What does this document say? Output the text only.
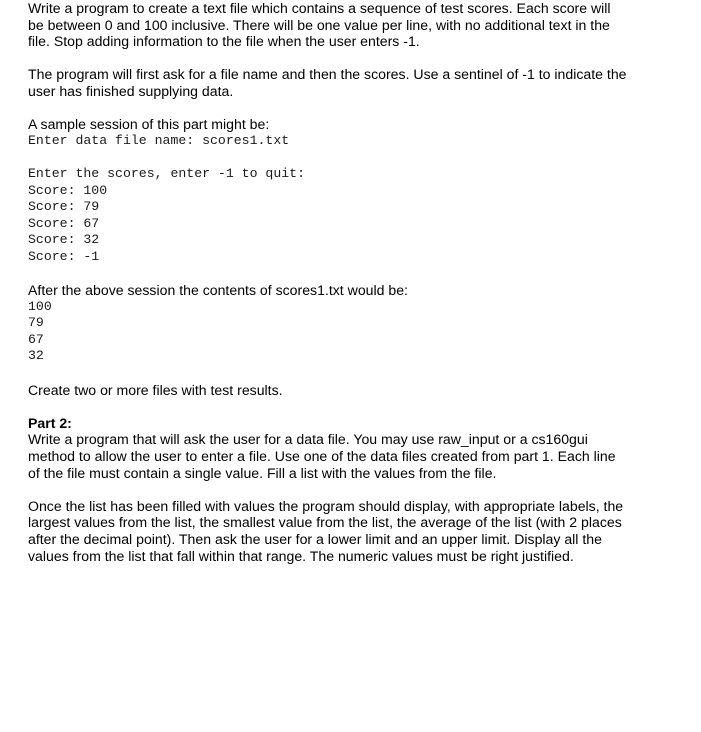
Write a program to create a text file which contains a sequence of test scores. Each score will

be between 0 and 100 inclusive. There will be one value per line, with no additional text in the

file. Stop adding information to the file when the user enters -1.

The program will first ask for a file name and then the scores. Use a sentinel of -1 to indicate the

user has finished supplying data.

A sample session of this part might be:

Enter data file name: scores1.txt

Enter the scores, enter -1 to quit:

Score: 100

Score: 79

Score: 67

Score: 32

Score: -1

After the above session the contents of scores1.txt would be:

100

79

67

32

Create two or more files with test results.

Part 2:

Write a program that will ask the user for a data file. You may use raw_input or a cs160gui

method to allow the user to enter a file. Use one of the data files created from part 1. Each line

of the file must contain a single value. Fill a list with the values from the file.

Once the list has been filled with values the program should display, with appropriate labels, the

largest values from the list, the smallest value from the list, the average of the list (with 2 places

after the decimal point). Then ask the user for a lower limit and an upper limit. Display all the

values from the list that fall within that range. The numeric values must be right justified.
